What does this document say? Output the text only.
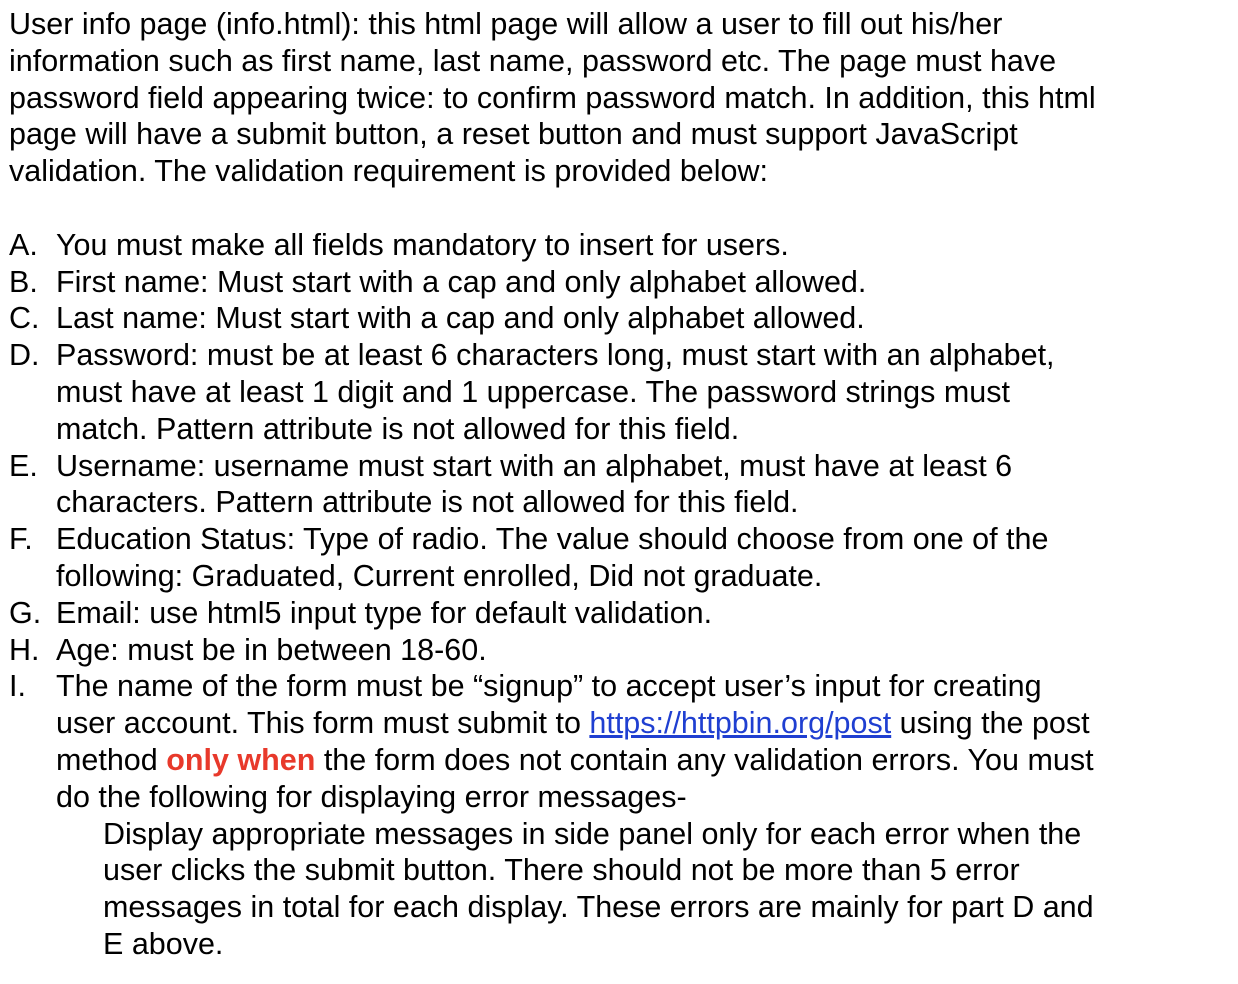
User info page (info.html): this html page will allow a user to fill out his/her
information such as first name, last name, password etc. The page must have
password field appearing twice: to confirm password match. In addition, this html
page will have a submit button, a reset button and must support JavaScript
validation. The validation requirement is provided below:

A. You must make all fields mandatory to insert for users.
B. First name: Must start with a cap and only alphabet allowed.
C. Last name: Must start with a cap and only alphabet allowed.
D. Password: must be at least 6 characters long, must start with an alphabet,
must have at least 1 digit and 1 uppercase. The password strings must
match. Pattern attribute is not allowed for this field.
E. Username: username must start with an alphabet, must have at least 6
characters. Pattern attribute is not allowed for this field.
F. Education Status: Type of radio. The value should choose from one of the
following: Graduated, Current enrolled, Did not graduate.
G. Email: use html5 input type for default validation.
H. Age: must be in between 18-60.
I. The name of the form must be “signup” to accept user’s input for creating
user account. This form must submit to https://httpbin.org/post using the post
method only when the form does not contain any validation errors. You must
do the following for displaying error messages-
Display appropriate messages in side panel only for each error when the
user clicks the submit button. There should not be more than 5 error
messages in total for each display. These errors are mainly for part D and
E above.
